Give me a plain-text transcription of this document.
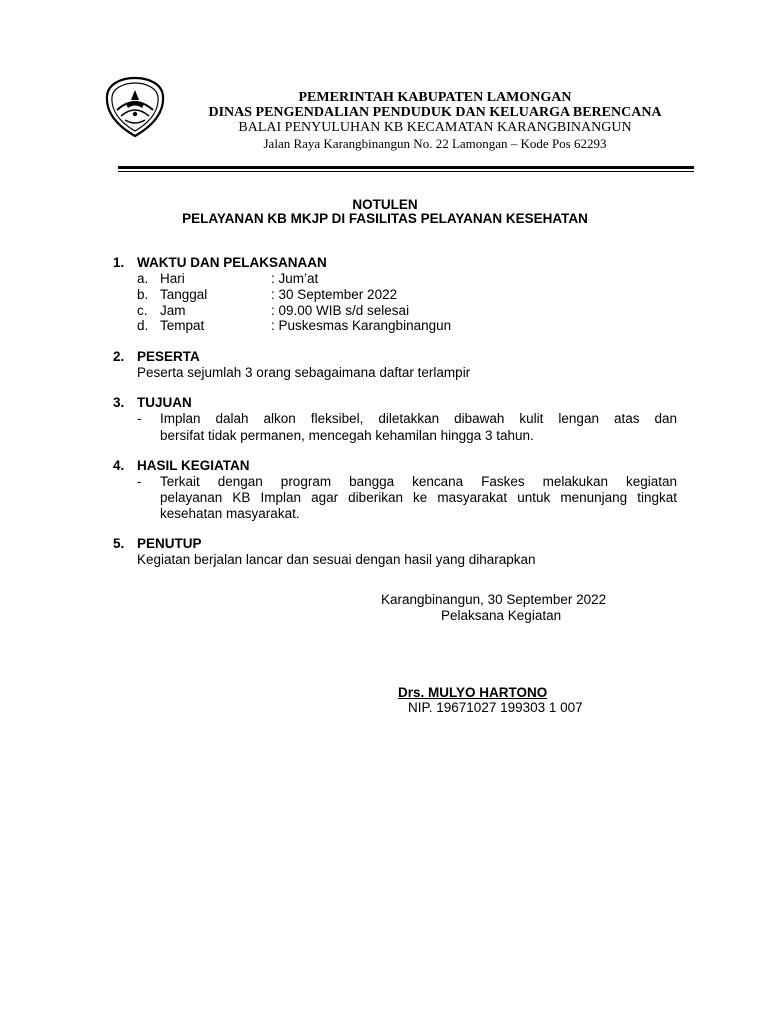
PEMERINTAH KABUPATEN LAMONGAN
DINAS PENGENDALIAN PENDUDUK DAN KELUARGA BERENCANA
BALAI PENYULUHAN KB KECAMATAN KARANGBINANGUN
Jalan Raya Karangbinangun No. 22 Lamongan – Kode Pos 62293
NOTULEN
PELAYANAN KB MKJP DI FASILITAS PELAYANAN KESEHATAN
1. WAKTU DAN PELAKSANAAN
a. Hari	: Jum’at
b. Tanggal	: 30 September 2022
c. Jam	: 09.00 WIB s/d selesai
d. Tempat	: Puskesmas Karangbinangun
2. PESERTA
Peserta sejumlah 3 orang sebagaimana daftar terlampir
3. TUJUAN
- Implan dalah alkon fleksibel, diletakkan dibawah kulit lengan atas dan
bersifat tidak permanen, mencegah kehamilan hingga 3 tahun.
4. HASIL KEGIATAN
- Terkait dengan program bangga kencana Faskes melakukan kegiatan
pelayanan KB Implan agar diberikan ke masyarakat untuk menunjang tingkat
kesehatan masyarakat.
5. PENUTUP
Kegiatan berjalan lancar dan sesuai dengan hasil yang diharapkan
Karangbinangun, 30 September 2022
Pelaksana Kegiatan
Drs. MULYO HARTONO
NIP. 19671027 199303 1 007
